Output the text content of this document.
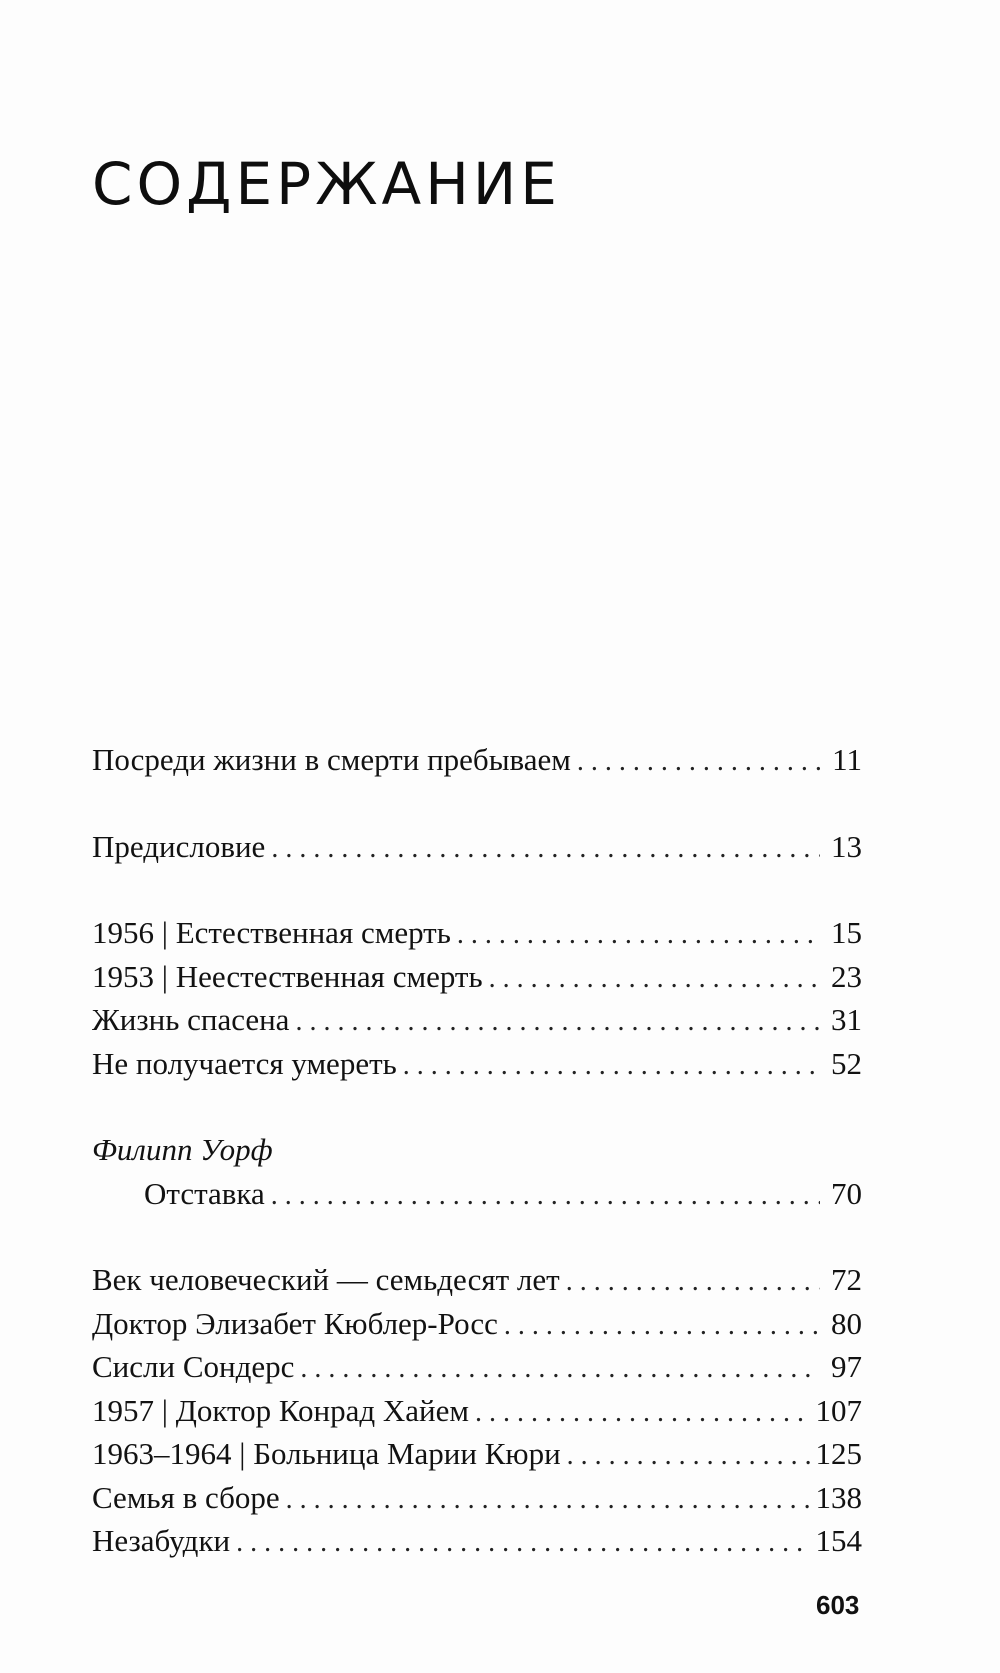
СОДЕРЖАНИЕ
Посреди жизни в смерти пребываем . . .	11
Предисловие . . .	13
1956 | Естественная смерть . . .	15
1953 | Неестественная смерть . . .	23
Жизнь спасена . . .	31
Не получается умереть . . .	52
Филипп Уорф
Отставка . . .	70
Век человеческий — семьдесят лет . . .	72
Доктор Элизабет Кюблер-Росс . . .	80
Сисли Сондерс . . .	97
1957 | Доктор Конрад Хайем . . .	107
1963–1964 | Больница Марии Кюри . . .	125
Семья в сборе . . .	138
Незабудки . . .	154
603
